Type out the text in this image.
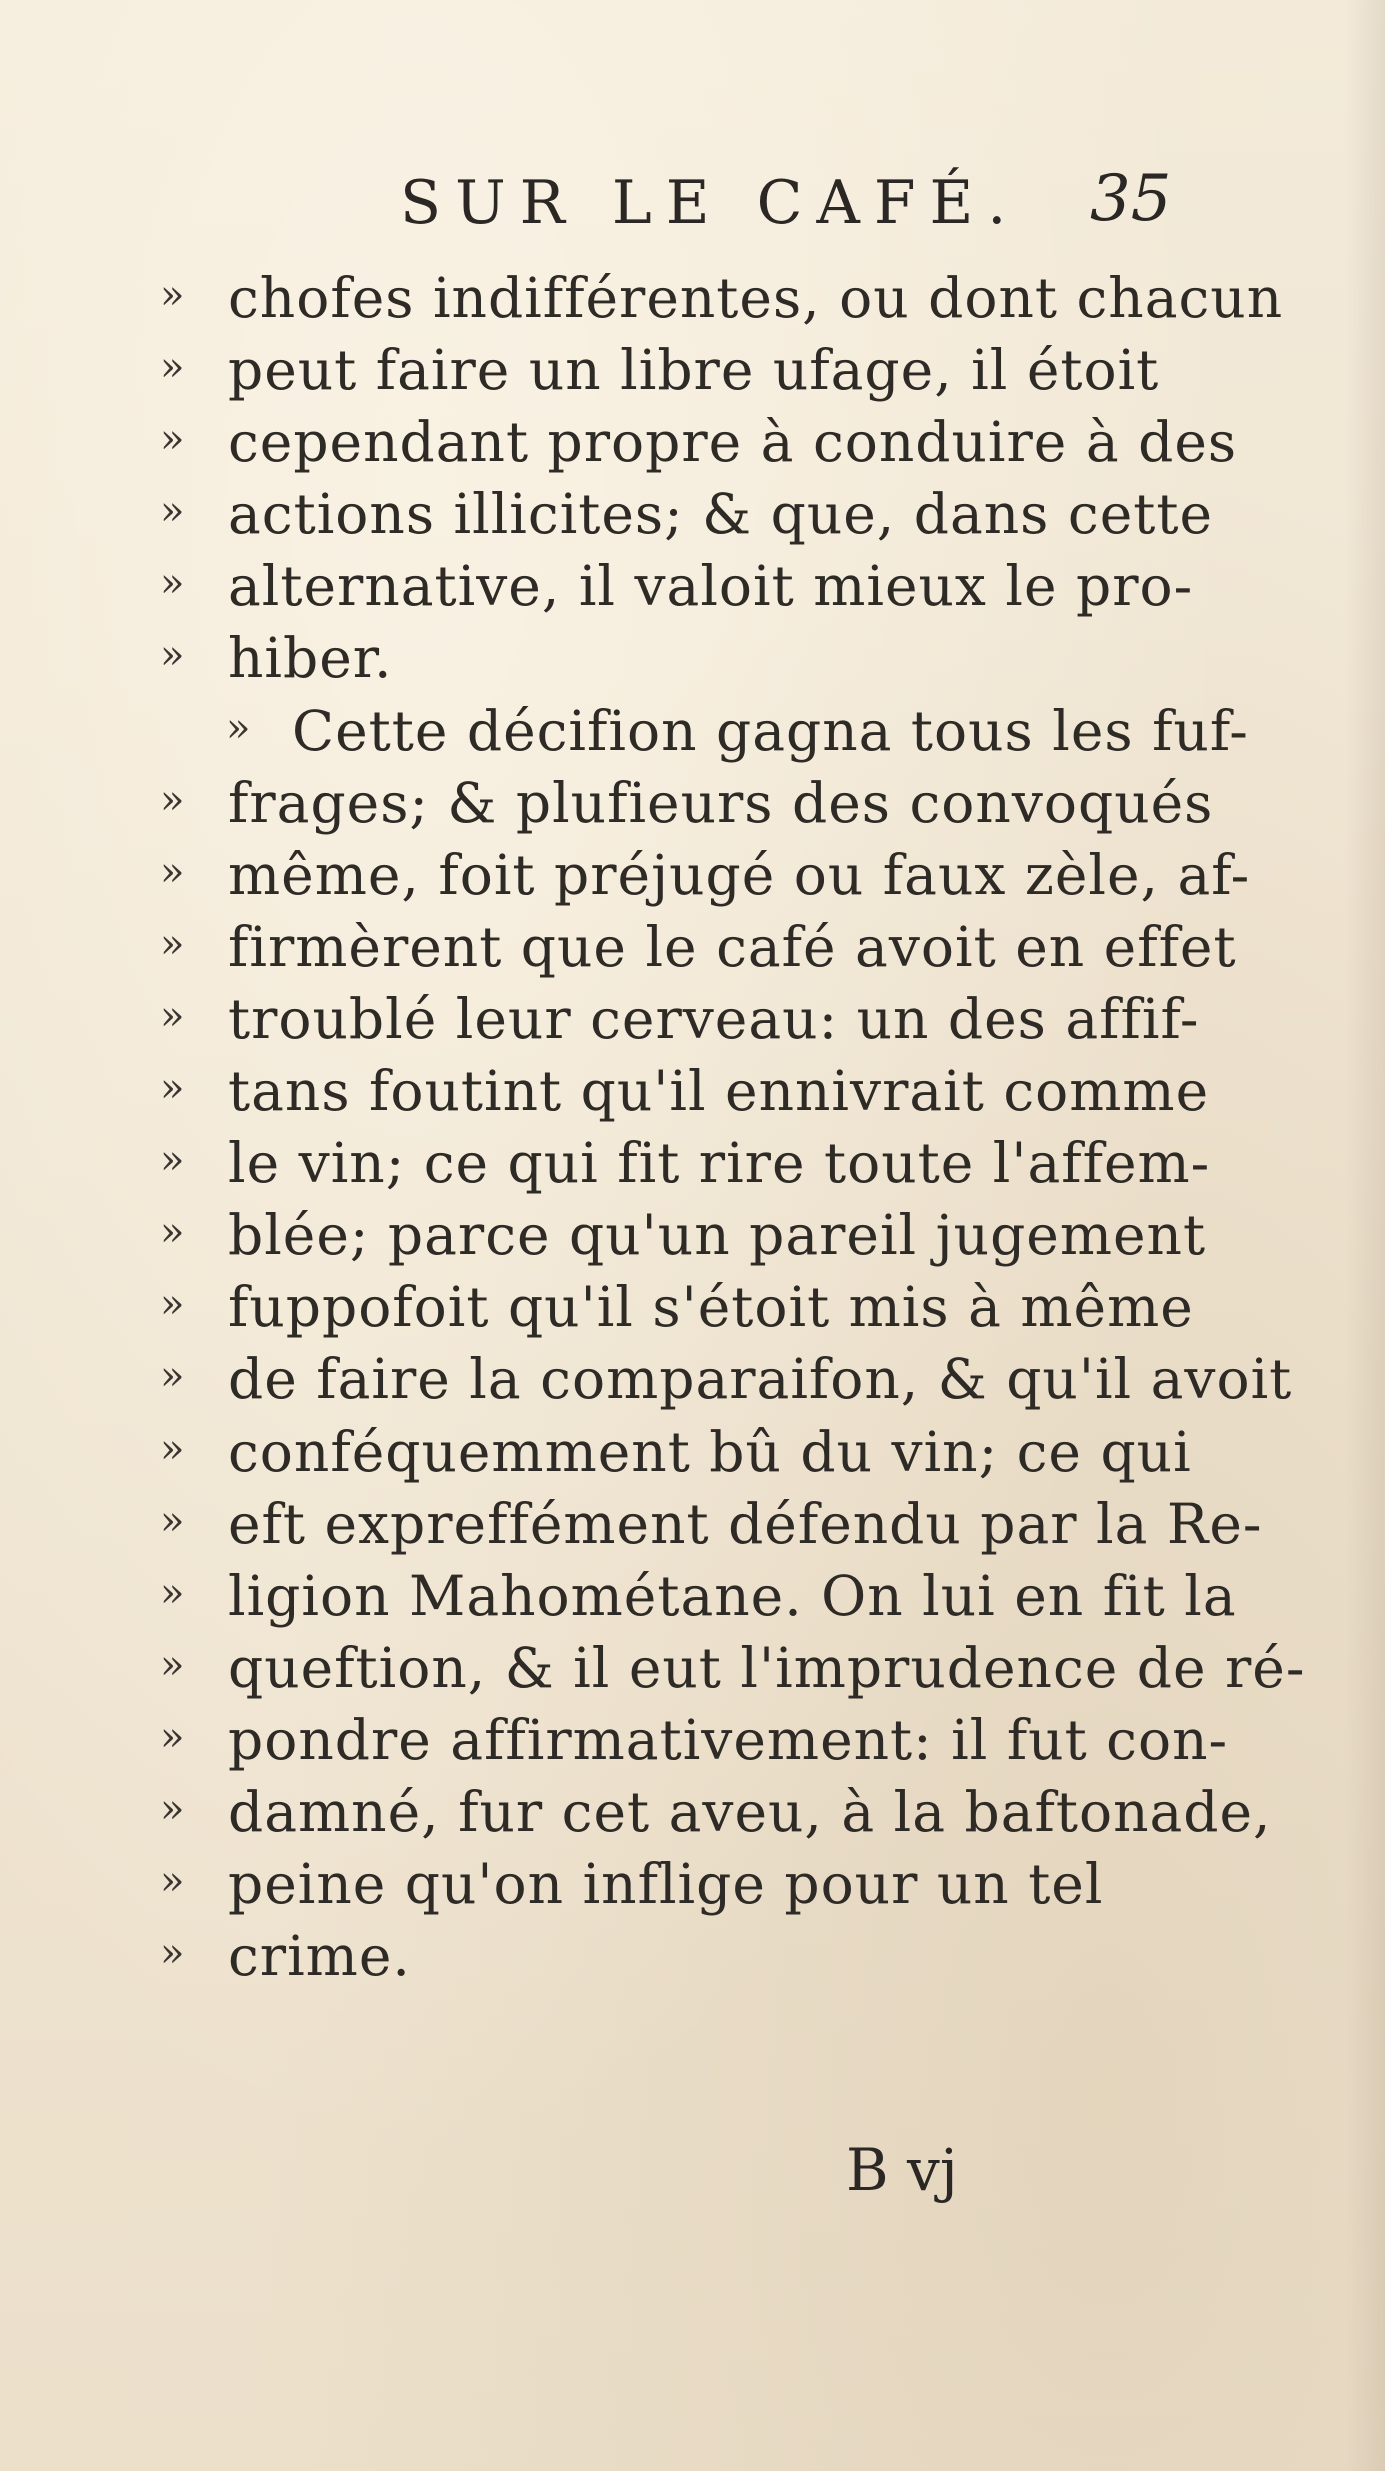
SUR LE CAFÉ. 35
» chofes indifférentes, ou dont chacun
» peut faire un libre ufage, il étoit
» cependant propre à conduire à des
» actions illicites; & que, dans cette
» alternative, il valoit mieux le pro-
» hiber.
» Cette décifion gagna tous les fuf-
» frages; & plufieurs des convoqués
» même, foit préjugé ou faux zèle, af-
» firmèrent que le café avoit en effet
» troublé leur cerveau: un des affif-
» tans foutint qu'il ennivrait comme
» le vin; ce qui fit rire toute l'affem-
» blée; parce qu'un pareil jugement
» fuppofoit qu'il s'étoit mis à même
» de faire la comparaifon, & qu'il avoit
» conféquemment bû du vin; ce qui
» eft expreffément défendu par la Re-
» ligion Mahométane. On lui en fit la
» queftion, & il eut l'imprudence de ré-
» pondre affirmativement: il fut con-
» damné, fur cet aveu, à la baftonade,
» peine qu'on inflige pour un tel
» crime.
B vj
